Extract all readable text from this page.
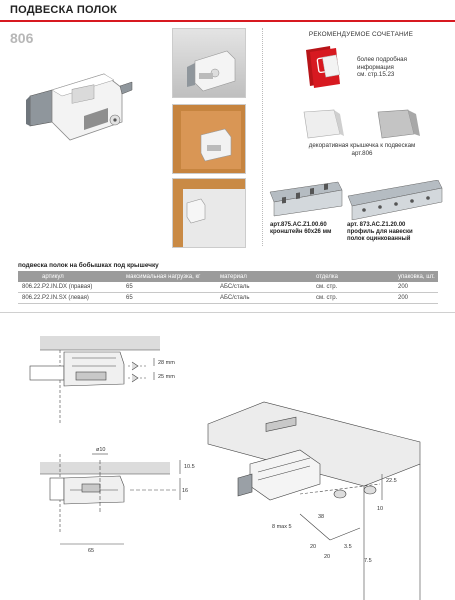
ПОДВЕСКА ПОЛОК
806	РЕКОМЕНДУЕМОЕ СОЧЕТАНИЕ
более подробная
информация
см. стр.15.23
декоративная крышечка к подвескам
арт.806
арт.875.AC.Z1.00.60
кронштейн 60x26 мм
арт. 873.AC.Z1.20.00
профиль для навески
полок оцинкованный
подвеска полок на бобышках под крышечку
артикул	максимальная нагрузка, кг	материал	отделка	упаковка, шт.
806.22.P2.IN.DX (правая)	65	АБС/сталь	см. стр.	200
806.22.P2.IN.SX (левая)	65	АБС/сталь	см. стр.	200
28 mm
25 mm
ø10
10.5
16
65
22.5
10
8 max 5
38
20
20
3.5
7.5
